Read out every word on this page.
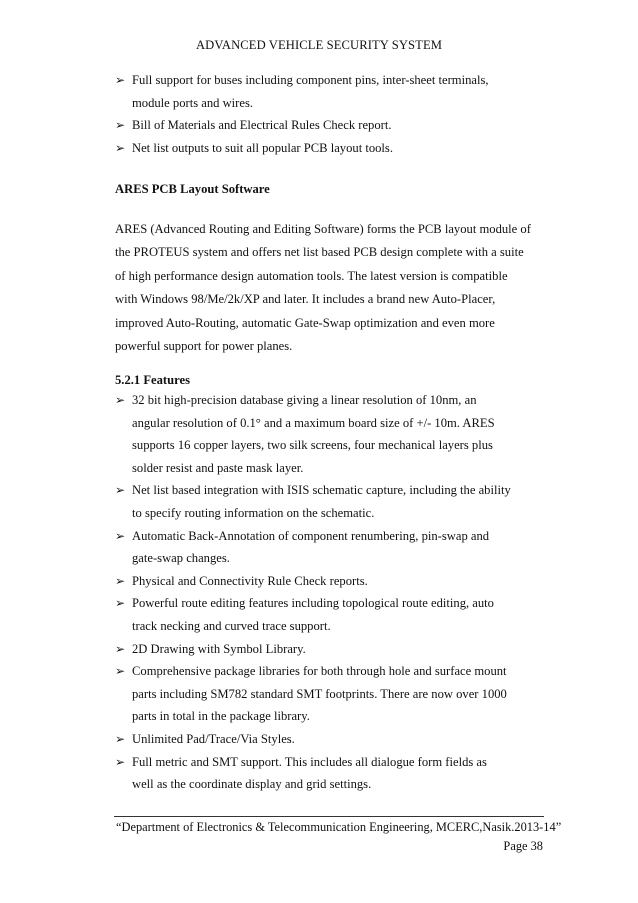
ADVANCED VEHICLE SECURITY SYSTEM
➢ Full support for buses including component pins, inter-sheet terminals,
module ports and wires.
➢ Bill of Materials and Electrical Rules Check report.
➢ Net list outputs to suit all popular PCB layout tools.
ARES PCB Layout Software
ARES (Advanced Routing and Editing Software) forms the PCB layout module of
the PROTEUS system and offers net list based PCB design complete with a suite
of high performance design automation tools. The latest version is compatible
with Windows 98/Me/2k/XP and later. It includes a brand new Auto-Placer,
improved Auto-Routing, automatic Gate-Swap optimization and even more
powerful support for power planes.
5.2.1 Features
➢ 32 bit high-precision database giving a linear resolution of 10nm, an
angular resolution of 0.1° and a maximum board size of +/- 10m. ARES
supports 16 copper layers, two silk screens, four mechanical layers plus
solder resist and paste mask layer.
➢ Net list based integration with ISIS schematic capture, including the ability
to specify routing information on the schematic.
➢ Automatic Back-Annotation of component renumbering, pin-swap and
gate-swap changes.
➢ Physical and Connectivity Rule Check reports.
➢ Powerful route editing features including topological route editing, auto
track necking and curved trace support.
➢ 2D Drawing with Symbol Library.
➢ Comprehensive package libraries for both through hole and surface mount
parts including SM782 standard SMT footprints. There are now over 1000
parts in total in the package library.
➢ Unlimited Pad/Trace/Via Styles.
➢ Full metric and SMT support. This includes all dialogue form fields as
well as the coordinate display and grid settings.
“Department of Electronics & Telecommunication Engineering, MCERC,Nasik.2013-14”
Page 38
